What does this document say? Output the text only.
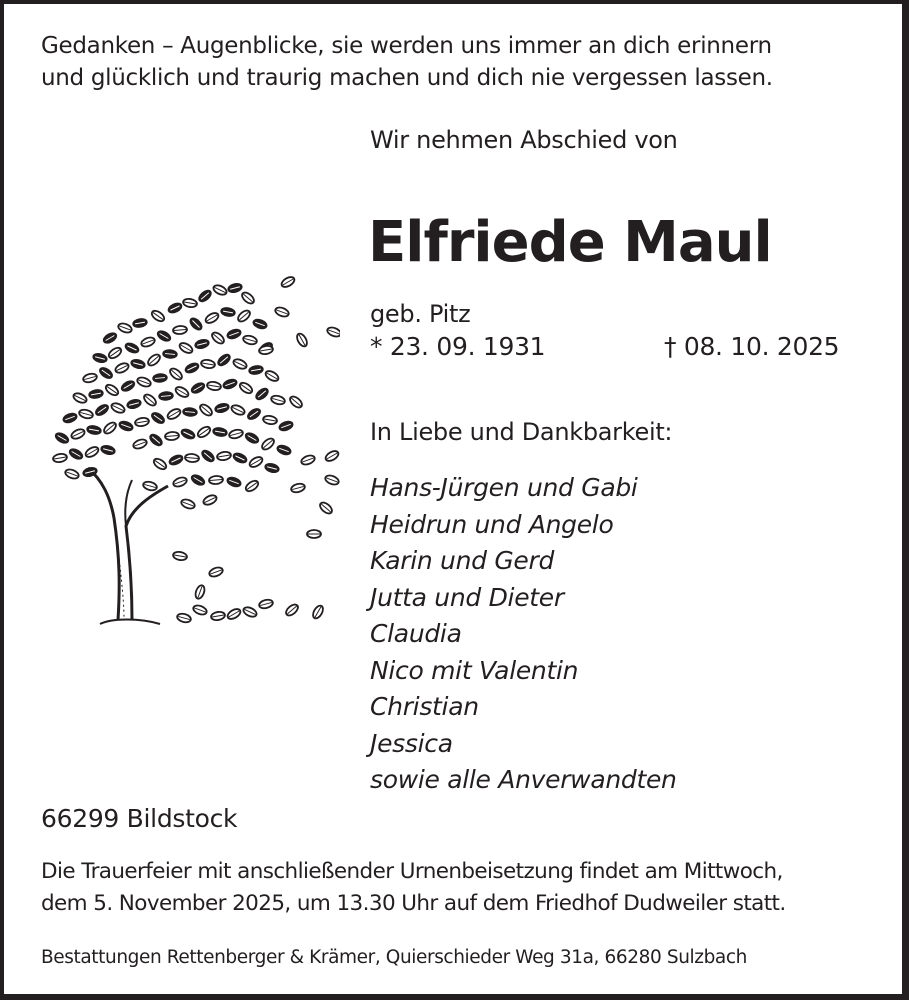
Gedanken – Augenblicke, sie werden uns immer an dich erinnern
und glücklich und traurig machen und dich nie vergessen lassen.
Wir nehmen Abschied von
Elfriede Maul
geb. Pitz
* 23. 09. 1931	† 08. 10. 2025
In Liebe und Dankbarkeit:
Hans-Jürgen und Gabi
Heidrun und Angelo
Karin und Gerd
Jutta und Dieter
Claudia
Nico mit Valentin
Christian
Jessica
sowie alle Anverwandten
66299 Bildstock
Die Trauerfeier mit anschließender Urnenbeisetzung findet am Mittwoch,
dem 5. November 2025, um 13.30 Uhr auf dem Friedhof Dudweiler statt.
Bestattungen Rettenberger & Krämer, Quierschieder Weg 31a, 66280 Sulzbach
